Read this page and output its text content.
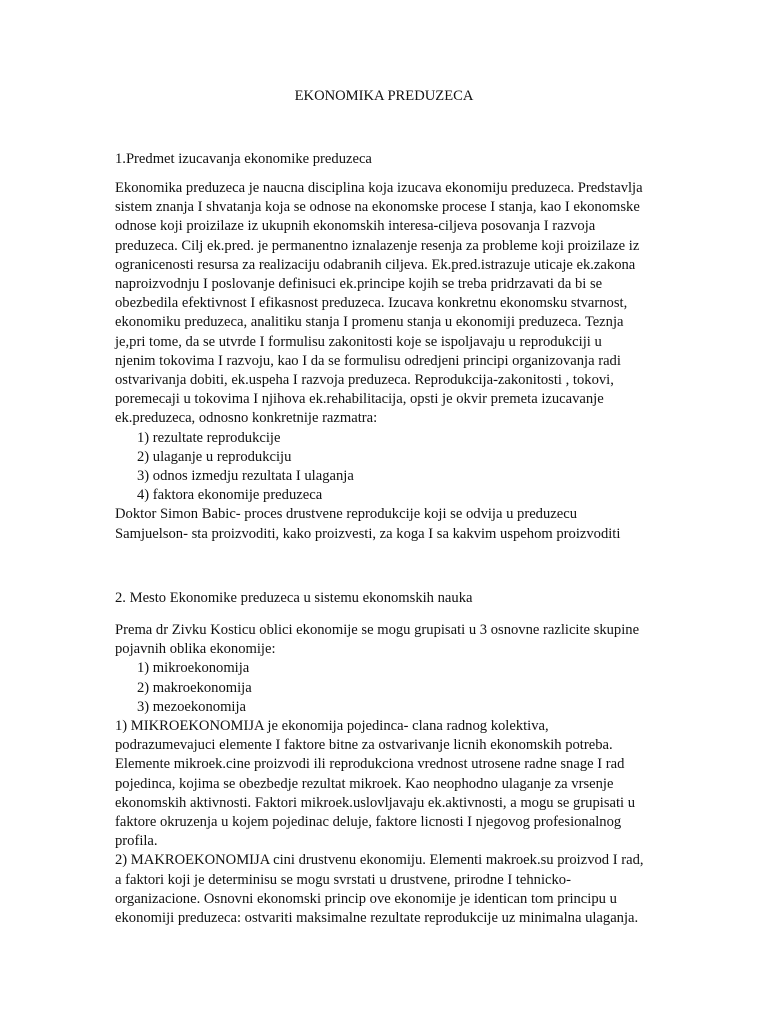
EKONOMIKA PREDUZECA
1.Predmet izucavanja ekonomike preduzeca
Ekonomika preduzeca je naucna disciplina koja izucava ekonomiju preduzeca. Predstavlja
sistem znanja I shvatanja koja se odnose na ekonomske procese I stanja, kao I ekonomske
odnose koji proizilaze iz ukupnih ekonomskih interesa-ciljeva posovanja I razvoja
preduzeca. Cilj ek.pred. je permanentno iznalazenje resenja za probleme koji proizilaze iz
ogranicenosti resursa za realizaciju odabranih ciljeva. Ek.pred.istrazuje uticaje ek.zakona
naproizvodnju I poslovanje definisuci ek.principe kojih se treba pridrzavati da bi se
obezbedila efektivnost I efikasnost preduzeca. Izucava konkretnu ekonomsku stvarnost,
ekonomiku preduzeca, analitiku stanja I promenu stanja u ekonomiji preduzeca. Teznja
je,pri tome, da se utvrde I formulisu zakonitosti koje se ispoljavaju u reprodukciji u
njenim tokovima I razvoju, kao I da se formulisu odredjeni principi organizovanja radi
ostvarivanja dobiti, ek.uspeha I razvoja preduzeca. Reprodukcija-zakonitosti , tokovi,
poremecaji u tokovima I njihova ek.rehabilitacija, opsti je okvir premeta izucavanje
ek.preduzeca, odnosno konkretnije razmatra:
1) rezultate reprodukcije
2) ulaganje u reprodukciju
3) odnos izmedju rezultata I ulaganja
4) faktora ekonomije preduzeca
Doktor Simon Babic- proces drustvene reprodukcije koji se odvija u preduzecu
Samjuelson- sta proizvoditi, kako proizvesti, za koga I sa kakvim uspehom proizvoditi
2. Mesto Ekonomike preduzeca u sistemu ekonomskih nauka
Prema dr Zivku Kosticu oblici ekonomije se mogu grupisati u 3 osnovne razlicite skupine
pojavnih oblika ekonomije:
1) mikroekonomija
2) makroekonomija
3) mezoekonomija
1) MIKROEKONOMIJA je ekonomija pojedinca- clana radnog kolektiva,
podrazumevajuci elemente I faktore bitne za ostvarivanje licnih ekonomskih potreba.
Elemente mikroek.cine proizvodi ili reprodukciona vrednost utrosene radne snage I rad
pojedinca, kojima se obezbedje rezultat mikroek. Kao neophodno ulaganje za vrsenje
ekonomskih aktivnosti. Faktori mikroek.uslovljavaju ek.aktivnosti, a mogu se grupisati u
faktore okruzenja u kojem pojedinac deluje, faktore licnosti I njegovog profesionalnog
profila.
2) MAKROEKONOMIJA cini drustvenu ekonomiju. Elementi makroek.su proizvod I rad,
a faktori koji je determinisu se mogu svrstati u drustvene, prirodne I tehnicko-
organizacione. Osnovni ekonomski princip ove ekonomije je identican tom principu u
ekonomiji preduzeca: ostvariti maksimalne rezultate reprodukcije uz minimalna ulaganja.
